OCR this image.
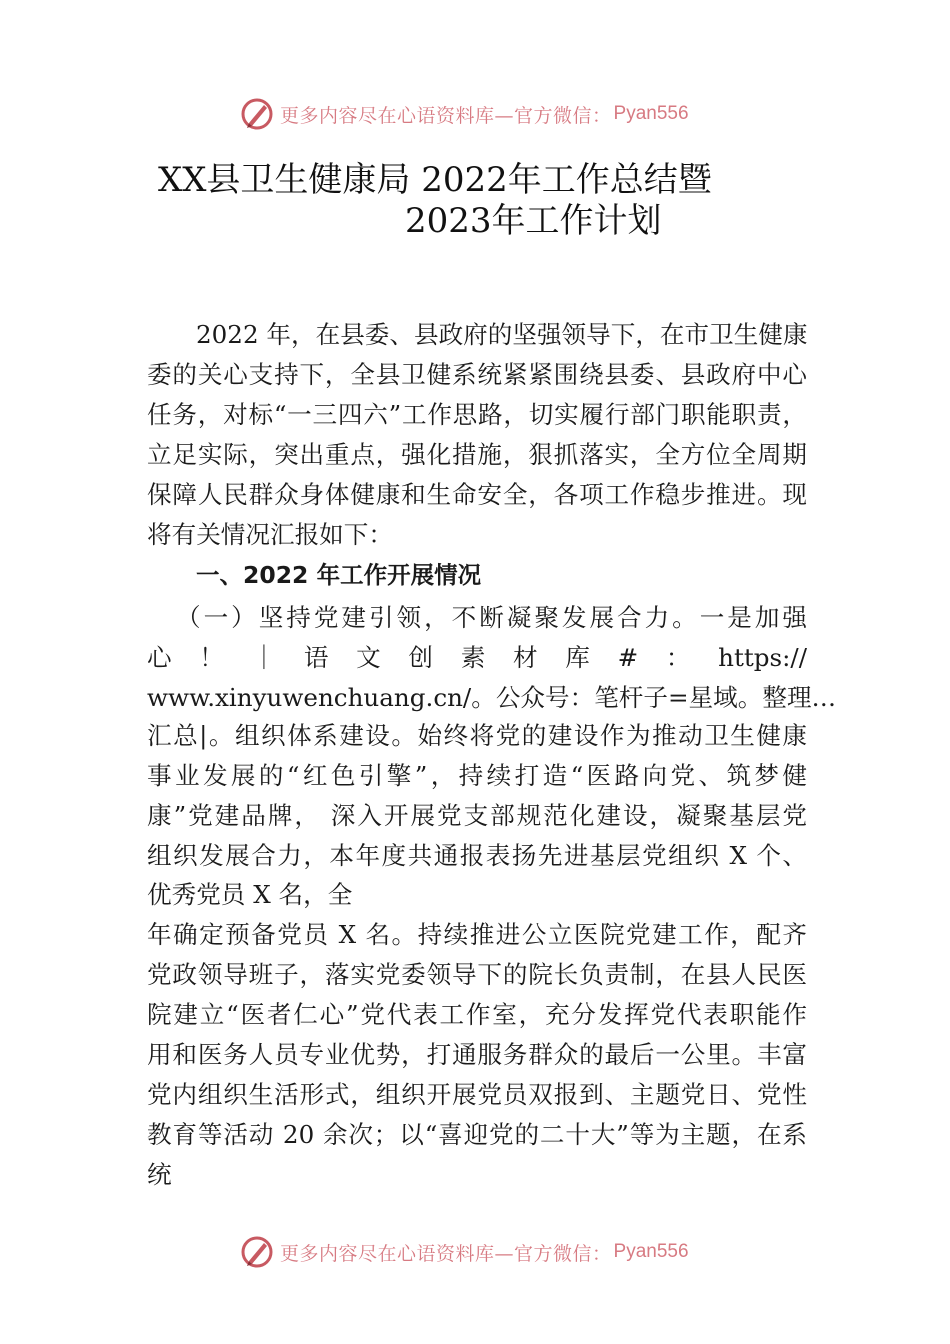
更多内容尽在心语资料库—官方微信： Pyan556
XX县卫生健康局 2022年工作总结暨
2023年工作计划
2022 年，在县委、县政府的坚强领导下，在市卫生健康
委的关心支持下，全县卫健系统紧紧围绕县委、县政府中心
任务，对标“一三四六”工作思路，切实履行部门职能职责，
立足实际，突出重点，强化措施，狠抓落实，全方位全周期
保障人民群众身体健康和生命安全，各项工作稳步推进。现
将有关情况汇报如下：
一、2022 年工作开展情况
（一）坚持党建引领，不断凝聚发展合力。一是加强
心！｜语文创素材库#：https://
www.xinyuwenchuang.cn/。公众号：笔杆子=星域。整理…
汇总|。组织体系建设。始终将党的建设作为推动卫生健康
事业发展的“红色引擎”，持续打造“医路向党、筑梦健
康”党建品牌， 深入开展党支部规范化建设，凝聚基层党
组织发展合力，本年度共通报表扬先进基层党组织 X 个、
优秀党员 X 名，全
年确定预备党员 X 名。持续推进公立医院党建工作，配齐
党政领导班子，落实党委领导下的院长负责制，在县人民医
院建立“医者仁心”党代表工作室，充分发挥党代表职能作
用和医务人员专业优势，打通服务群众的最后一公里。丰富
党内组织生活形式，组织开展党员双报到、主题党日、党性
教育等活动 20 余次；以“喜迎党的二十大”等为主题，在系
统
更多内容尽在心语资料库—官方微信： Pyan556
